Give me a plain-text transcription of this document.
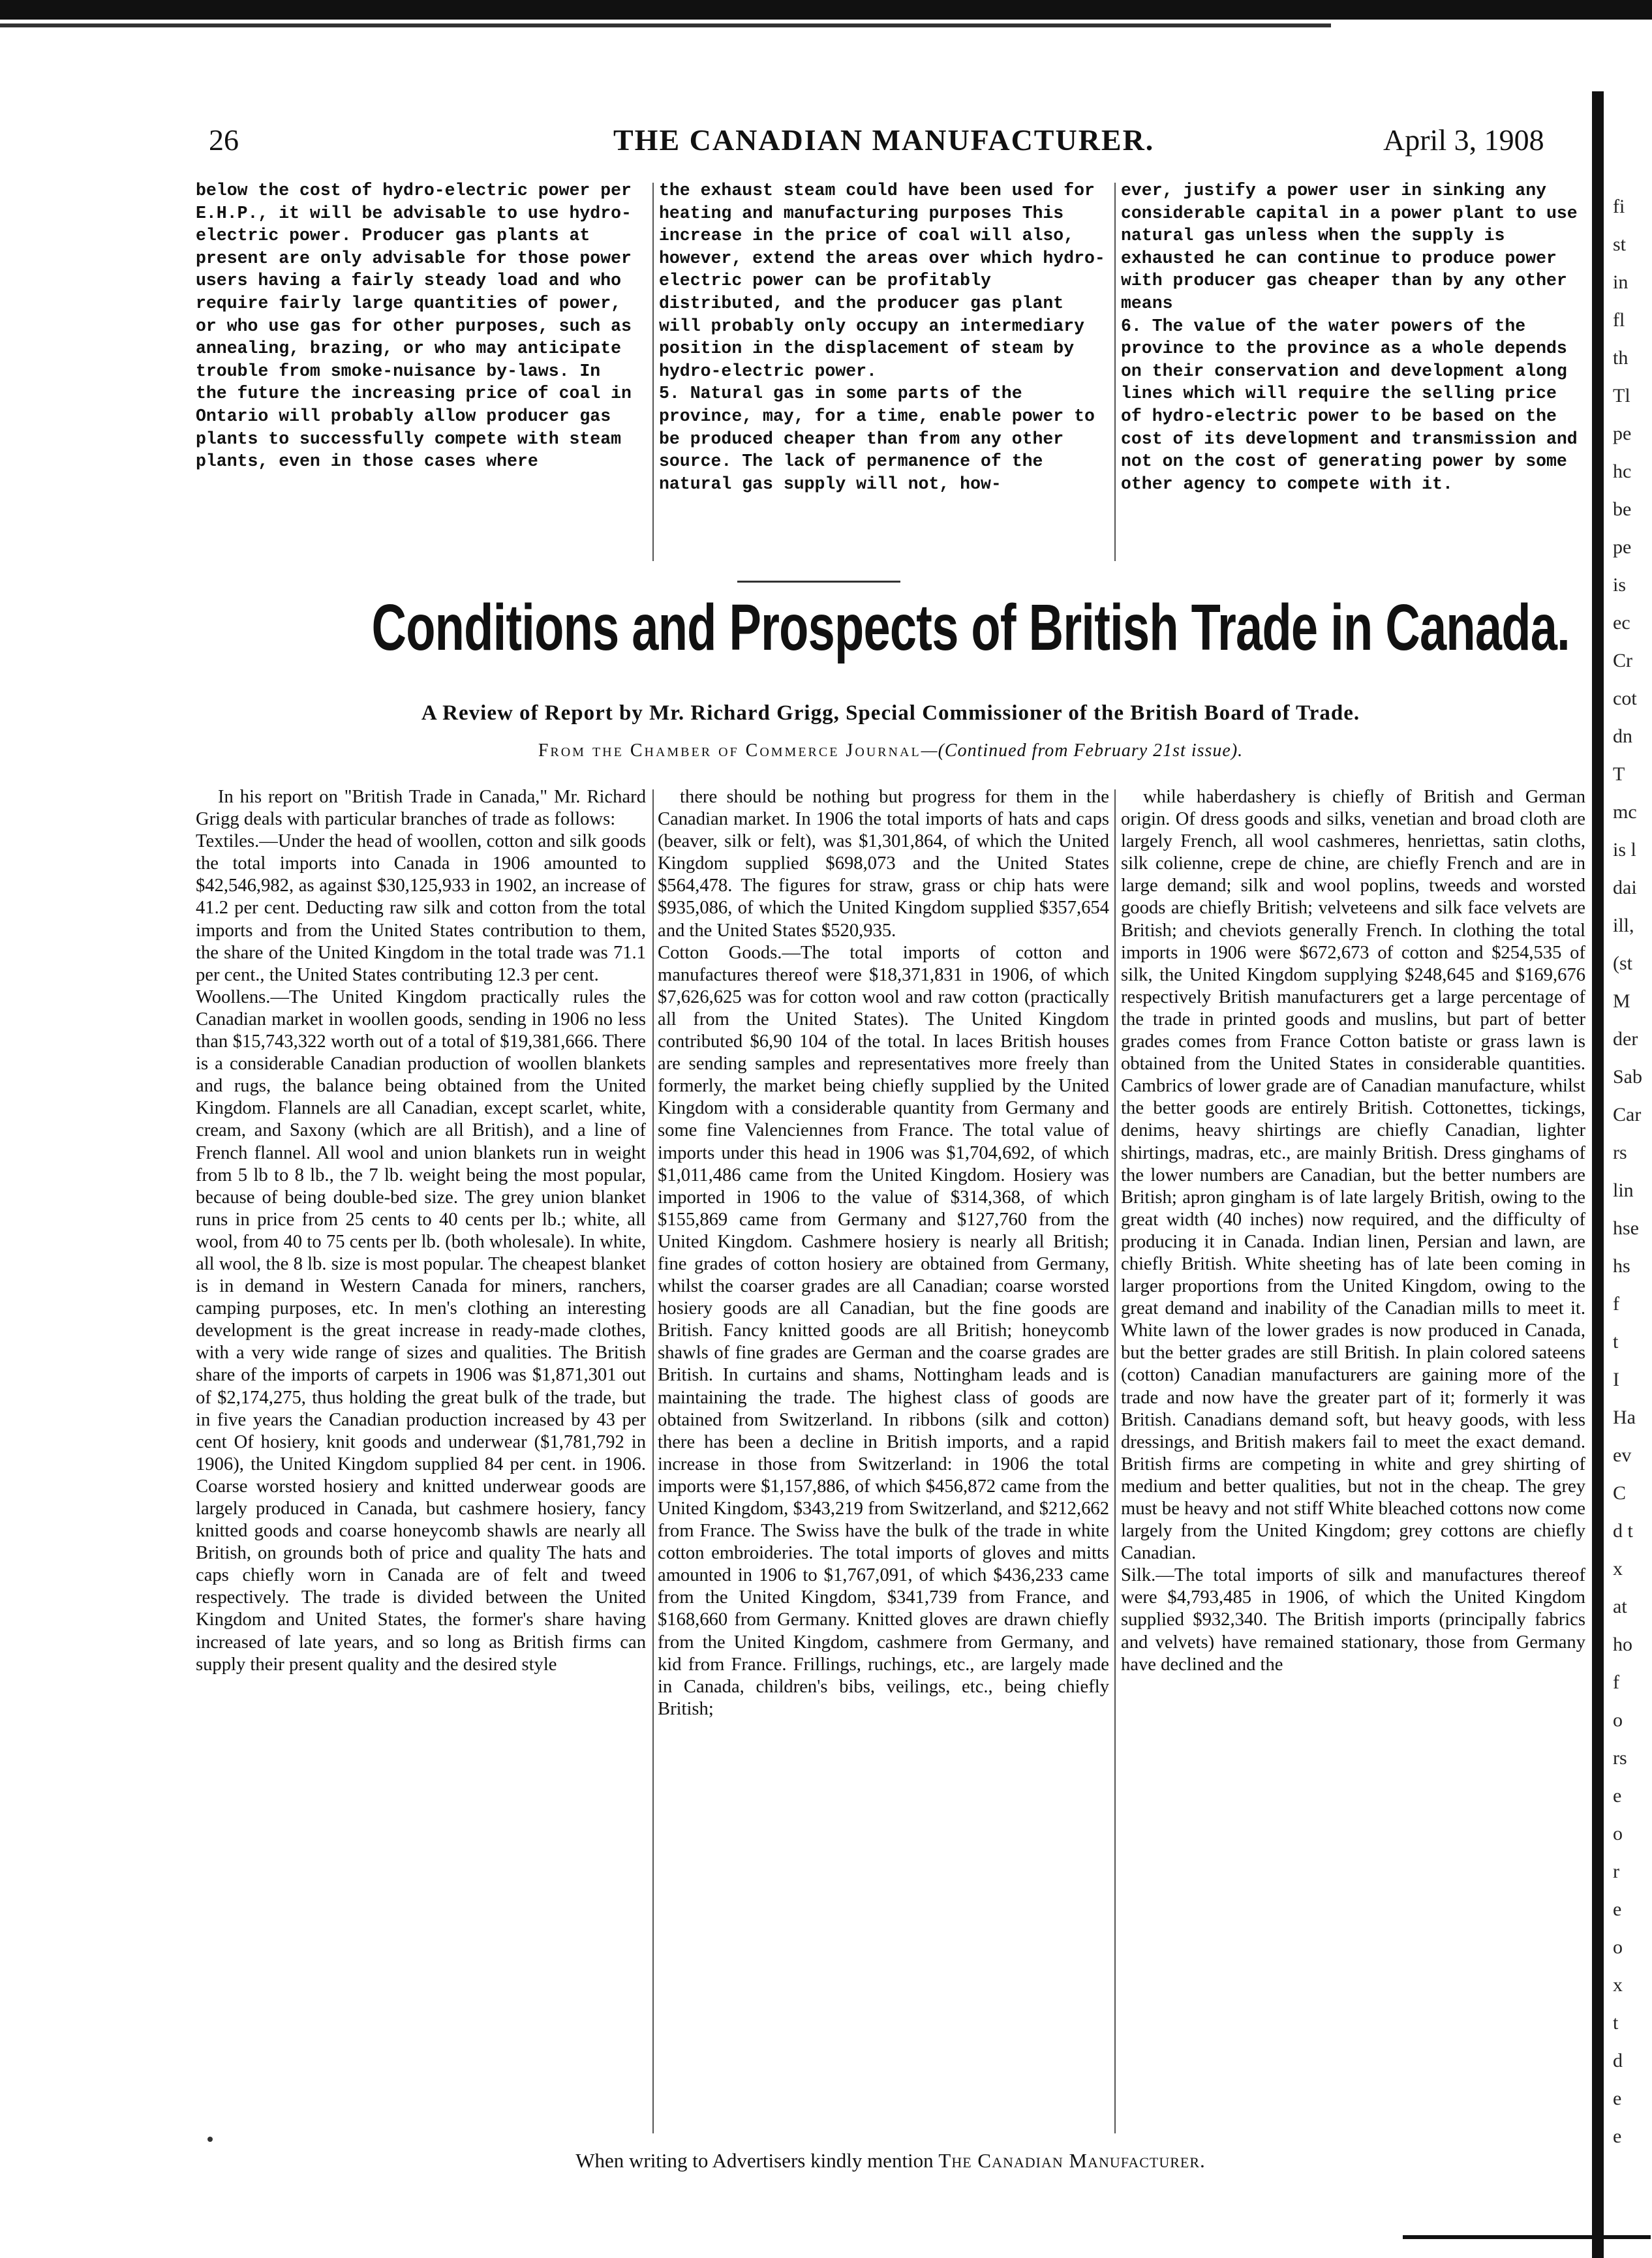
26	THE CANADIAN MANUFACTURER.	April 3, 1908

below the cost of hydro-electric power per E.H.P., it will be advisable to use hydro-electric power. Producer gas plants at present are only advisable for those power users having a fairly steady load and who require fairly large quantities of power, or who use gas for other purposes, such as annealing, brazing, or who may anticipate trouble from smoke-nuisance by-laws. In the future the increasing price of coal in Ontario will probably allow producer gas plants to successfully compete with steam plants, even in those cases where

the exhaust steam could have been used for heating and manufacturing purposes This increase in the price of coal will also, however, extend the areas over which hydro-electric power can be profitably distributed, and the producer gas plant will probably only occupy an intermediary position in the displacement of steam by hydro-electric power.
5. Natural gas in some parts of the province, may, for a time, enable power to be produced cheaper than from any other source. The lack of permanence of the natural gas supply will not, how-

ever, justify a power user in sinking any considerable capital in a power plant to use natural gas unless when the supply is exhausted he can continue to produce power with producer gas cheaper than by any other means
6. The value of the water powers of the province to the province as a whole depends on their conservation and development along lines which will require the selling price of hydro-electric power to be based on the cost of its development and transmission and not on the cost of generating power by some other agency to compete with it.

Conditions and Prospects of British Trade in Canada.
A Review of Report by Mr. Richard Grigg, Special Commissioner of the British Board of Trade.
From the Chamber of Commerce Journal—(Continued from February 21st issue).

In his report on "British Trade in Canada," Mr. Richard Grigg deals with particular branches of trade as follows:
Textiles.—Under the head of woollen, cotton and silk goods the total imports into Canada in 1906 amounted to $42,546,982, as against $30,125,933 in 1902, an increase of 41.2 per cent. Deducting raw silk and cotton from the total imports and from the United States contribution to them, the share of the United Kingdom in the total trade was 71.1 per cent., the United States contributing 12.3 per cent.
Woollens.—The United Kingdom practically rules the Canadian market in woollen goods, sending in 1906 no less than $15,743,322 worth out of a total of $19,381,666. There is a considerable Canadian production of woollen blankets and rugs, the balance being obtained from the United Kingdom. Flannels are all Canadian, except scarlet, white, cream, and Saxony (which are all British), and a line of French flannel. All wool and union blankets run in weight from 5 lb to 8 lb., the 7 lb. weight being the most popular, because of being double-bed size. The grey union blanket runs in price from 25 cents to 40 cents per lb.; white, all wool, from 40 to 75 cents per lb. (both wholesale). In white, all wool, the 8 lb. size is most popular. The cheapest blanket is in demand in Western Canada for miners, ranchers, camping purposes, etc. In men's clothing an interesting development is the great increase in ready-made clothes, with a very wide range of sizes and qualities. The British share of the imports of carpets in 1906 was $1,871,301 out of $2,174,275, thus holding the great bulk of the trade, but in five years the Canadian production increased by 43 per cent Of hosiery, knit goods and underwear ($1,781,792 in 1906), the United Kingdom supplied 84 per cent. in 1906. Coarse worsted hosiery and knitted underwear goods are largely produced in Canada, but cashmere hosiery, fancy knitted goods and coarse honeycomb shawls are nearly all British, on grounds both of price and quality The hats and caps chiefly worn in Canada are of felt and tweed respectively. The trade is divided between the United Kingdom and United States, the former's share having increased of late years, and so long as British firms can supply their present quality and the desired style

there should be nothing but progress for them in the Canadian market. In 1906 the total imports of hats and caps (beaver, silk or felt), was $1,301,864, of which the United Kingdom supplied $698,073 and the United States $564,478. The figures for straw, grass or chip hats were $935,086, of which the United Kingdom supplied $357,654 and the United States $520,935.
Cotton Goods.—The total imports of cotton and manufactures thereof were $18,371,831 in 1906, of which $7,626,625 was for cotton wool and raw cotton (practically all from the United States). The United Kingdom contributed $6,90 104 of the total. In laces British houses are sending samples and representatives more freely than formerly, the market being chiefly supplied by the United Kingdom with a considerable quantity from Germany and some fine Valenciennes from France. The total value of imports under this head in 1906 was $1,704,692, of which $1,011,486 came from the United Kingdom. Hosiery was imported in 1906 to the value of $314,368, of which $155,869 came from Germany and $127,760 from the United Kingdom. Cashmere hosiery is nearly all British; fine grades of cotton hosiery are obtained from Germany, whilst the coarser grades are all Canadian; coarse worsted hosiery goods are all Canadian, but the fine goods are British. Fancy knitted goods are all British; honeycomb shawls of fine grades are German and the coarse grades are British. In curtains and shams, Nottingham leads and is maintaining the trade. The highest class of goods are obtained from Switzerland. In ribbons (silk and cotton) there has been a decline in British imports, and a rapid increase in those from Switzerland: in 1906 the total imports were $1,157,886, of which $456,872 came from the United Kingdom, $343,219 from Switzerland, and $212,662 from France. The Swiss have the bulk of the trade in white cotton embroideries. The total imports of gloves and mitts amounted in 1906 to $1,767,091, of which $436,233 came from the United Kingdom, $341,739 from France, and $168,660 from Germany. Knitted gloves are drawn chiefly from the United Kingdom, cashmere from Germany, and kid from France. Frillings, ruchings, etc., are largely made in Canada, children's bibs, veilings, etc., being chiefly British;

while haberdashery is chiefly of British and German origin. Of dress goods and silks, venetian and broad cloth are largely French, all wool cashmeres, henriettas, satin cloths, silk colienne, crepe de chine, are chiefly French and are in large demand; silk and wool poplins, tweeds and worsted goods are chiefly British; velveteens and silk face velvets are British; and cheviots generally French. In clothing the total imports in 1906 were $672,673 of cotton and $254,535 of silk, the United Kingdom supplying $248,645 and $169,676 respectively British manufacturers get a large percentage of the trade in printed goods and muslins, but part of better grades comes from France Cotton batiste or grass lawn is obtained from the United States in considerable quantities. Cambrics of lower grade are of Canadian manufacture, whilst the better goods are entirely British. Cottonettes, tickings, denims, heavy shirtings are chiefly Canadian, lighter shirtings, madras, etc., are mainly British. Dress ginghams of the lower numbers are Canadian, but the better numbers are British; apron gingham is of late largely British, owing to the great width (40 inches) now required, and the difficulty of producing it in Canada. Indian linen, Persian and lawn, are chiefly British. White sheeting has of late been coming in larger proportions from the United Kingdom, owing to the great demand and inability of the Canadian mills to meet it. White lawn of the lower grades is now produced in Canada, but the better grades are still British. In plain colored sateens (cotton) Canadian manufacturers are gaining more of the trade and now have the greater part of it; formerly it was British. Canadians demand soft, but heavy goods, with less dressings, and British makers fail to meet the exact demand. British firms are competing in white and grey shirting of medium and better qualities, but not in the cheap. The grey must be heavy and not stiff White bleached cottons now come largely from the United Kingdom; grey cottons are chiefly Canadian.
Silk.—The total imports of silk and manufactures thereof were $4,793,485 in 1906, of which the United Kingdom supplied $932,340. The British imports (principally fabrics and velvets) have remained stationary, those from Germany have declined and the

When writing to Advertisers kindly mention The Canadian Manufacturer.
fi
st
in
fl
th
Tl
pe
hc
be
pe
is
ec
Cr
cot
dn
T
mc
is l
dai
ill,
(st
M
der
Sab
Car
rs
lin
hse
hs
f
t
I
Ha
ev
C
d t
x
at
ho
f
o
rs
e
o
r
e
o
x
t
d
e
e
